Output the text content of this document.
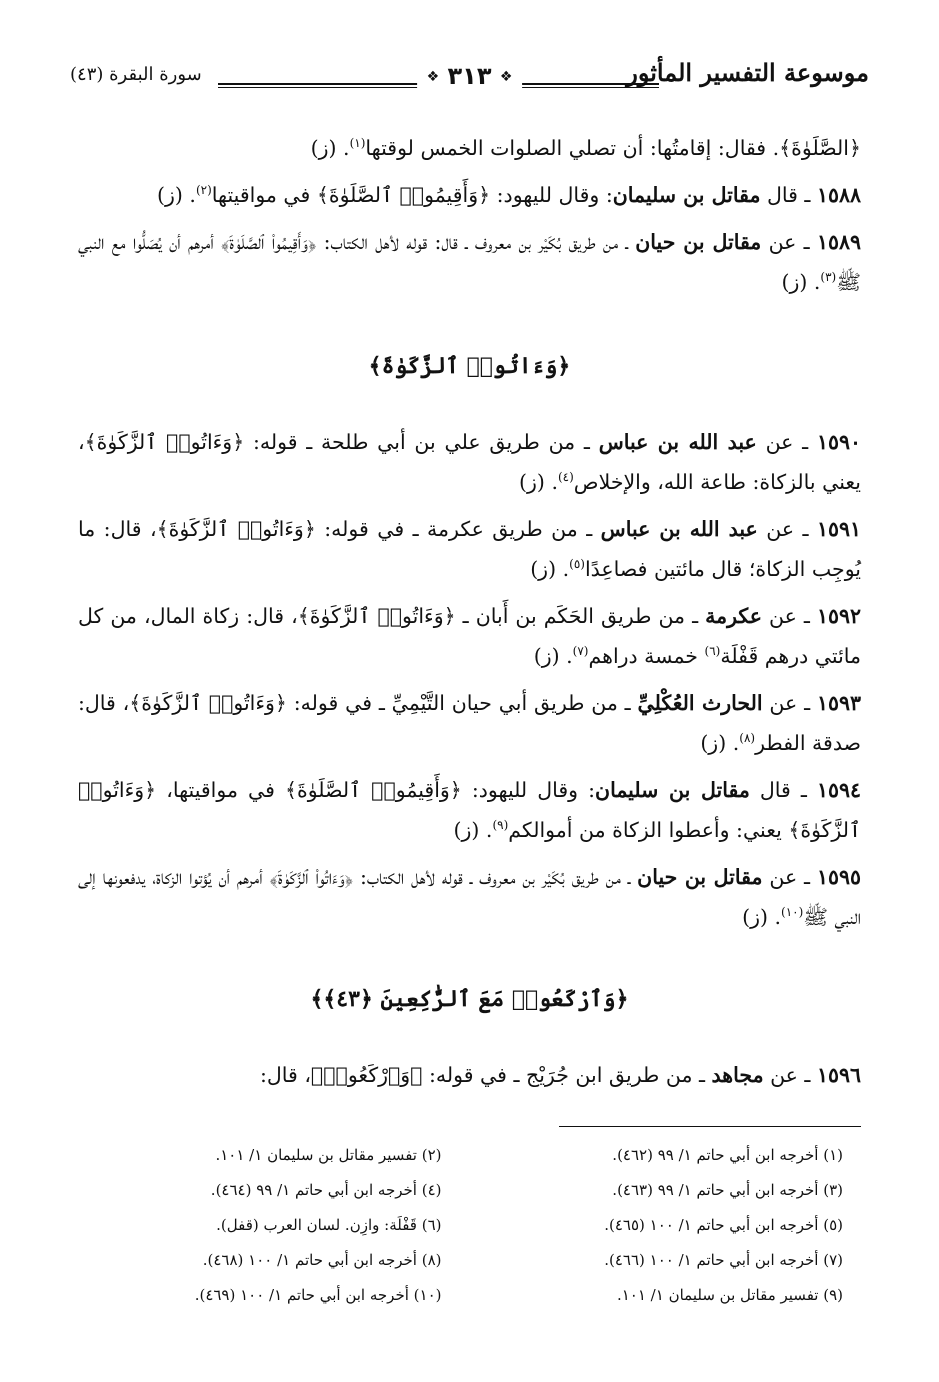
موسوعة التفسير المأثور
❖ ٣١٣ ❖
سورة البقرة (٤٣)

﴿الصَّلَوٰةَ﴾. فقال: إقامتُها: أن تصلي الصلوات الخمس لوقتها$^{(١)}$. (ز)

١٥٨٨ ـ قال مقاتل بن سليمان: وقال لليهود: ﴿وَأَقِيمُوا۟ ٱلصَّلَوٰةَ﴾ في مواقيتها$^{(٢)}$. (ز)

١٥٨٩ ـ عن مقاتل بن حيان ـ من طريق بُكَيْر بن معروف ـ قال: قوله لأهل الكتاب: ﴿وَأَقِيمُوا۟ ٱلصَّلَوٰةَ﴾ أمرهم أن يُصَلُّوا مع النبي ﷺ$^{(٣)}$. (ز)

﴿وَءَاتُوا۟ ٱلزَّكَوٰةَ﴾

١٥٩٠ ـ عن عبد الله بن عباس ـ من طريق علي بن أبي طلحة ـ قوله: ﴿وَءَاتُوا۟ ٱلزَّكَوٰةَ﴾، يعني بالزكاة: طاعة الله، والإخلاص$^{(٤)}$. (ز)

١٥٩١ ـ عن عبد الله بن عباس ـ من طريق عكرمة ـ في قوله: ﴿وَءَاتُوا۟ ٱلزَّكَوٰةَ﴾، قال: ما يُوجِب الزكاة؛ قال مائتين فصاعِدًا$^{(٥)}$. (ز)

١٥٩٢ ـ عن عكرمة ـ من طريق الحَكَم بن أَبان ـ ﴿وَءَاتُوا۟ ٱلزَّكَوٰةَ﴾، قال: زكاة المال، من كل مائتي درهم قَفْلَة$^{(٦)}$ خمسة دراهم$^{(٧)}$. (ز)

١٥٩٣ ـ عن الحارث العُكْلِيِّ ـ من طريق أبي حيان التَّيْمِيِّ ـ في قوله: ﴿وَءَاتُوا۟ ٱلزَّكَوٰةَ﴾، قال: صدقة الفطر$^{(٨)}$. (ز)

١٥٩٤ ـ قال مقاتل بن سليمان: وقال لليهود: ﴿وَأَقِيمُوا۟ ٱلصَّلَوٰةَ﴾ في مواقيتها، ﴿وَءَاتُوا۟ ٱلزَّكَوٰةَ﴾ يعني: وأعطوا الزكاة من أموالكم$^{(٩)}$. (ز)

١٥٩٥ ـ عن مقاتل بن حيان ـ من طريق بُكَيْر بن معروف ـ قوله لأهل الكتاب: ﴿وَءَاتُوا۟ ٱلزَّكَوٰةَ﴾ أمرهم أن يُؤتوا الزكاة، يدفعونها إلى النبي ﷺ$^{(١٠)}$. (ز)

﴿وَٱرْكَعُوا۟ مَعَ ٱلرَّٰكِعِينَ ﴿٤٣﴾﴾

١٥٩٦ ـ عن مجاهد ـ من طريق ابن جُرَيْج ـ في قوله: ﴿وَٱرْكَعُوا۟﴾، قال:

(١) أخرجه ابن أبي حاتم ١/ ٩٩ (٤٦٢).
(٢) تفسير مقاتل بن سليمان ١/ ١٠١.
(٣) أخرجه ابن أبي حاتم ١/ ٩٩ (٤٦٣).
(٤) أخرجه ابن أبي حاتم ١/ ٩٩ (٤٦٤).
(٥) أخرجه ابن أبي حاتم ١/ ١٠٠ (٤٦٥).
(٦) قَفْلَة: وازِن. لسان العرب (قفل).
(٧) أخرجه ابن أبي حاتم ١/ ١٠٠ (٤٦٦).
(٨) أخرجه ابن أبي حاتم ١/ ١٠٠ (٤٦٨).
(٩) تفسير مقاتل بن سليمان ١/ ١٠١.
(١٠) أخرجه ابن أبي حاتم ١/ ١٠٠ (٤٦٩).
